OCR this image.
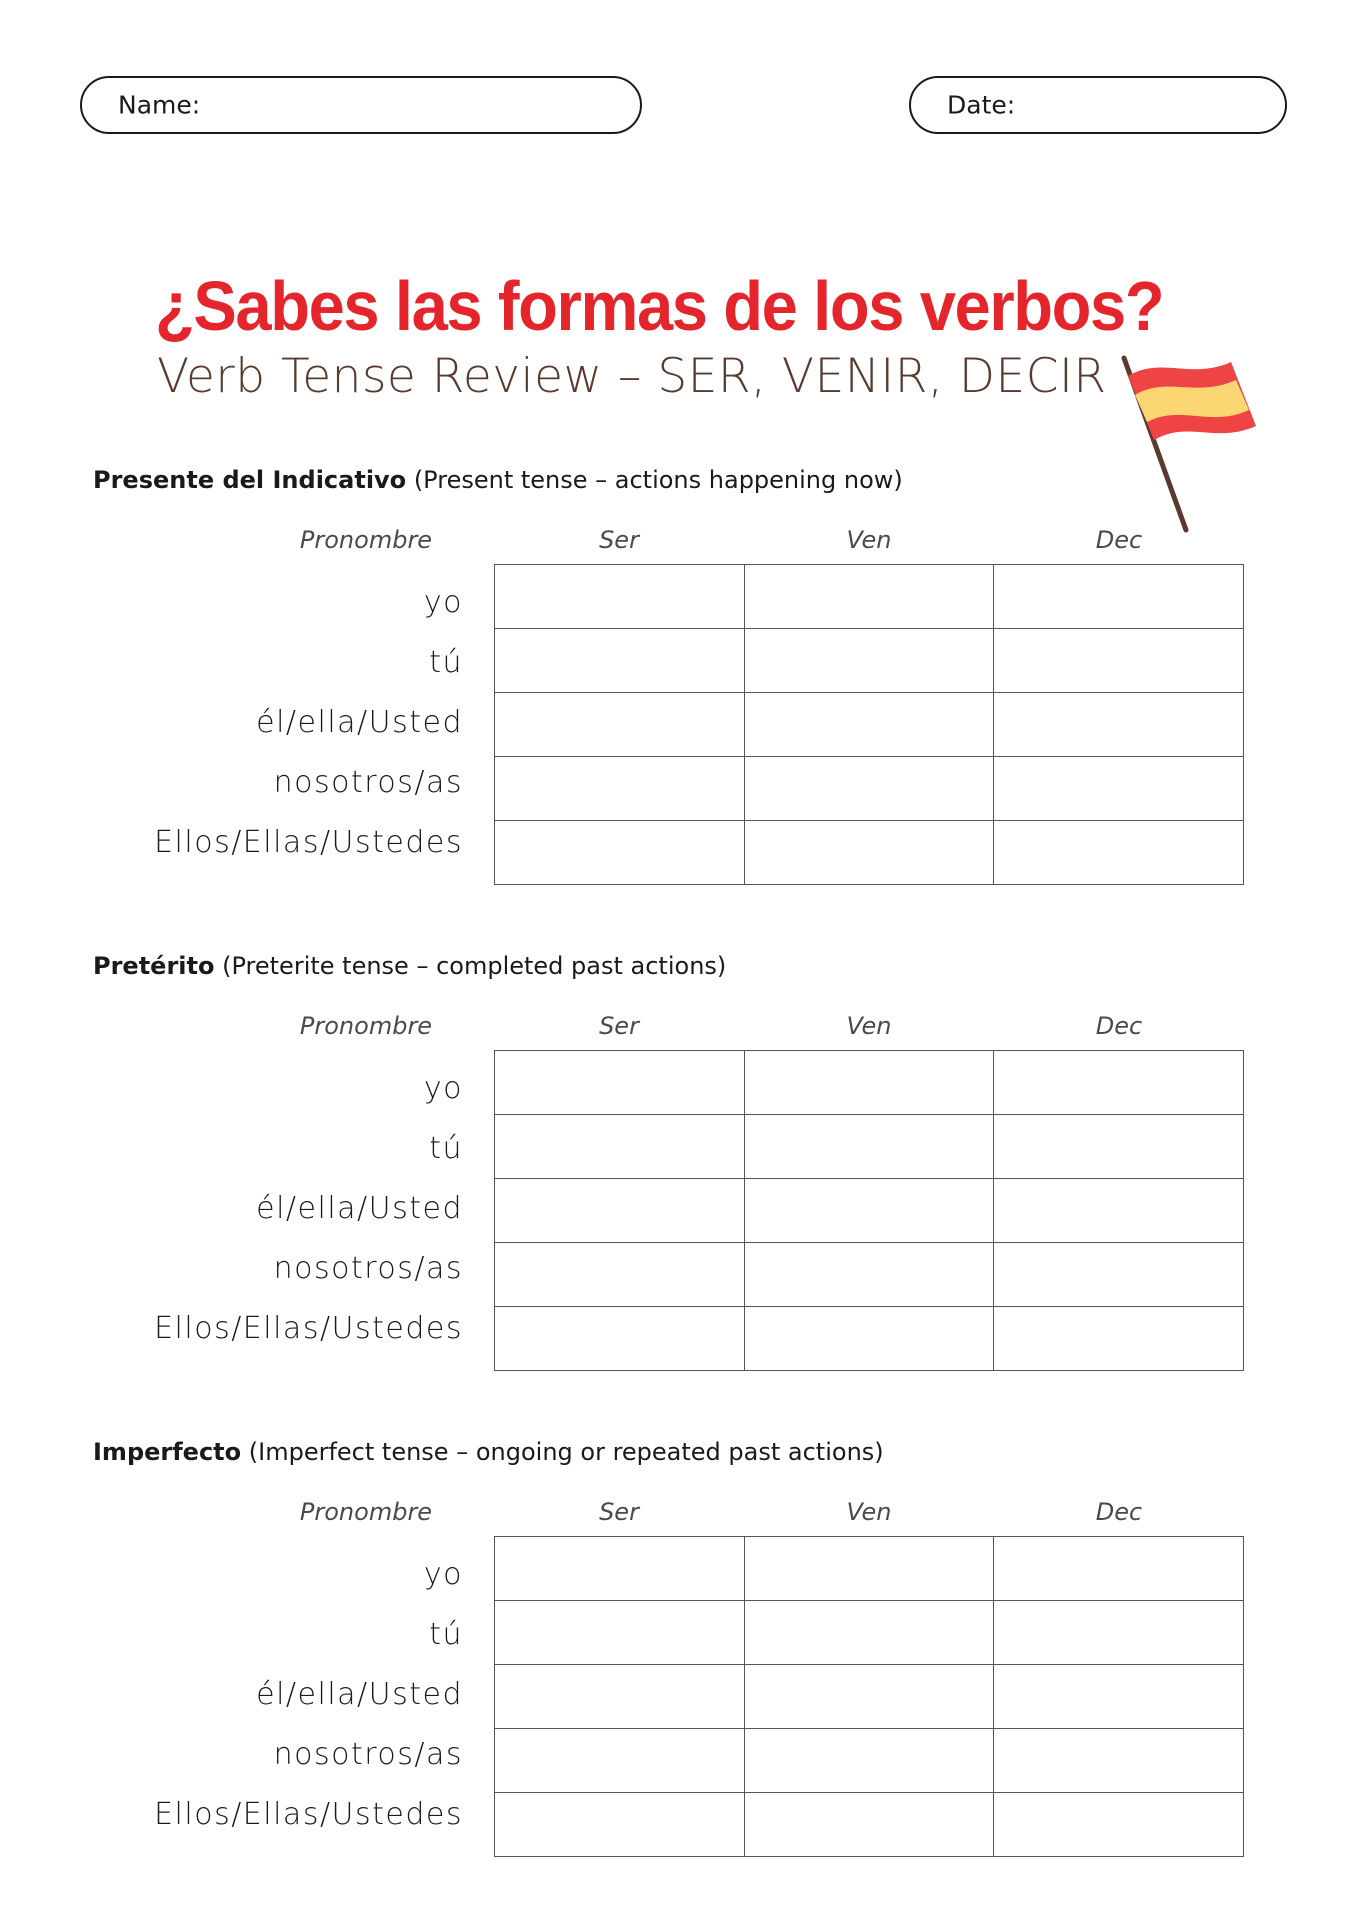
Name:	Date:
¿Sabes las formas de los verbos?
Verb Tense Review – SER, VENIR, DECIR
Presente del Indicativo (Present tense – actions happening now)
Pronombre	Ser	Ven	Dec
yo
tú
él/ella/Usted
nosotros/as
Ellos/Ellas/Ustedes

Pretérito (Preterite tense – completed past actions)
Pronombre	Ser	Ven	Dec
yo
tú
él/ella/Usted
nosotros/as
Ellos/Ellas/Ustedes

Imperfecto (Imperfect tense – ongoing or repeated past actions)
Pronombre	Ser	Ven	Dec
yo
tú
él/ella/Usted
nosotros/as
Ellos/Ellas/Ustedes
